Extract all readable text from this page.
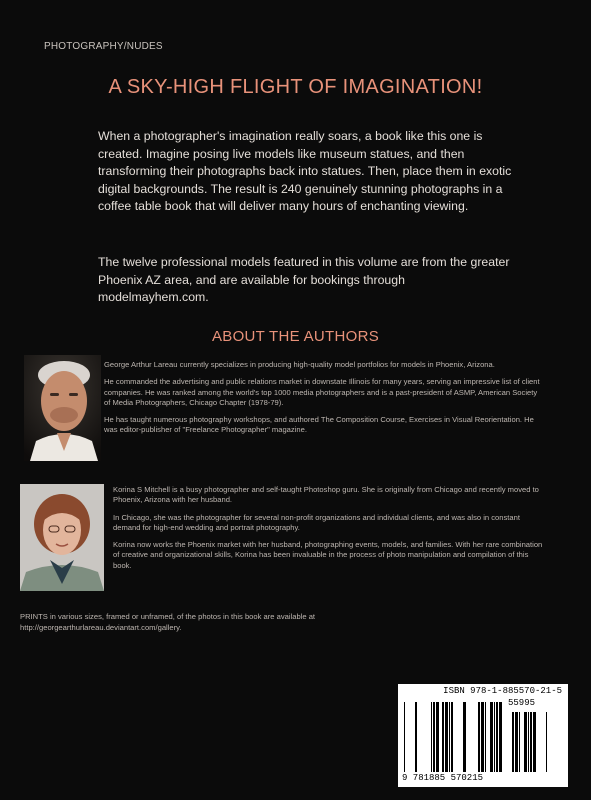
PHOTOGRAPHY/NUDES
A SKY-HIGH FLIGHT OF IMAGINATION!

When a photographer's imagination really soars, a book like this one is created. Imagine posing live models like museum statues, and then transforming their photographs back into statues. Then, place them in exotic digital backgrounds. The result is 240 genuinely stunning photographs in a coffee table book that will deliver many hours of enchanting viewing.

The twelve professional models featured in this volume are from the greater Phoenix AZ area, and are available for bookings through modelmayhem.com.

ABOUT THE AUTHORS

George Arthur Lareau currently specializes in producing high-quality model portfolios for models in Phoenix, Arizona.

He commanded the advertising and public relations market in downstate Illinois for many years, serving an impressive list of client companies. He was ranked among the world's top 1000 media photographers and is a past-president of ASMP, American Society of Media Photographers, Chicago Chapter (1978-79).

He has taught numerous photography workshops, and authored The Composition Course, Exercises in Visual Reorientation. He was editor-publisher of "Freelance Photographer" magazine.

Korina S Mitchell is a busy photographer and self-taught Photoshop guru. She is originally from Chicago and recently moved to Phoenix, Arizona with her husband.

In Chicago, she was the photographer for several non-profit organizations and individual clients, and was also in constant demand for high-end wedding and portrait photography.

Korina now works the Phoenix market with her husband, photographing events, models, and families. With her rare combination of creative and organizational skills, Korina has been invaluable in the process of photo manipulation and compilation of this book.

PRINTS in various sizes, framed or unframed, of the photos in this book are available at http://georgearthurlareau.deviantart.com/gallery.

ISBN 978-1-885570-21-5
55995
9 781885 570215
